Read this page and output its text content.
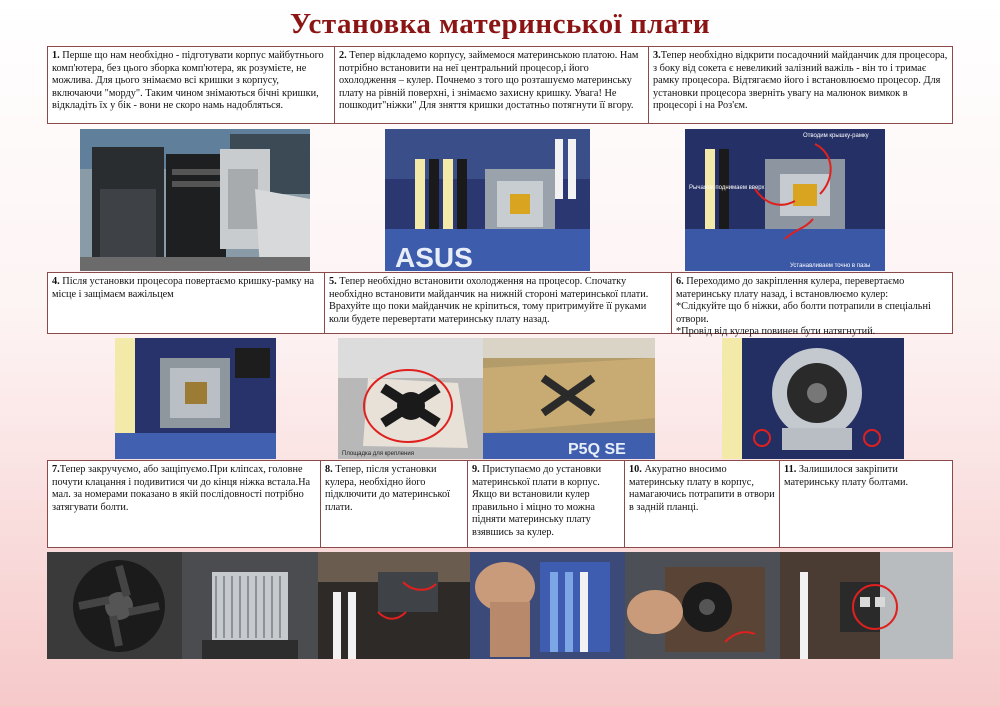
Установка материнської плати
1. Перше що нам необхідно - підготувати корпус майбутнього комп'ютера, без цього зборка комп'ютера, як розумієте, не можлива. Для цього знімаємо всі кришки з корпусу, включаючи "морду". Таким чином знімаються бічні кришки, відкладіть їх у бік - вони не скоро намь надобляться.
2. Тепер відкладемо корпусу, займемося материнською платою. Нам потрібно встановити на неї центральний процесор,і його охолодження – кулер. Почнемо з того що розташуємо материнську плату на рівній поверхні, і знімаємо захисну кришку. Увага! Не пошкодит"ніжки" Для зняття кришки достатньо потягнути її вгору.
3.Тепер необхідно відкрити посадочний майданчик для процесора, з боку від сокета є невеликий залізний важіль - він то і тримає рамку процесора. Відтягаємо його і встановлюємо процесор. Для установки процесора зверніть увагу на малюнок вимкок в процесорі і на Роз'єм.
ASUS
Отводим крышку-рамку
Рычажок поднимаем вверх
Устанавливаем точно в пазы
4. Після установки процесора повертаємо кришку-рамку на місце і защімаєм важільцем
5. Тепер необхідно встановити охолодження на процесор. Спочатку необхідно встановити майданчик на нижній стороні материнської плати. Врахуйте що поки майданчик не кріпиться, тому притримуйте її руками коли будете перевертати материнську плату назад.
6. Переходимо до закріплення кулера, перевертаємо материнську плату назад, і встановлюємо кулер:
*Слідкуйте що б ніжки, або болти потрапили в спеціальні отвори.
*Провід від кулера повинен бути натягнутий.
Площадка для крепления	P5Q SE
7.Тепер закручуємо, або защіпуємо.При кліпсах, головне почути клацання і подивитися чи до кінця ніжка встала.На мал. за номерами показано в якій послідовності потрібно затягувати болти.
8. Тепер, після установки кулера, необхідно його підключити до материнської плати.
9. Приступаємо до установки материнської плати в корпус. Якщо ви встановили кулер правильно і міцно то можна підняти материнську плату взявшись за кулер.
10. Акуратно вносимо материнську плату в корпус, намагаючись потрапити в отвори в задній планці.
11. Залишилося закріпити материнську плату болтами.
